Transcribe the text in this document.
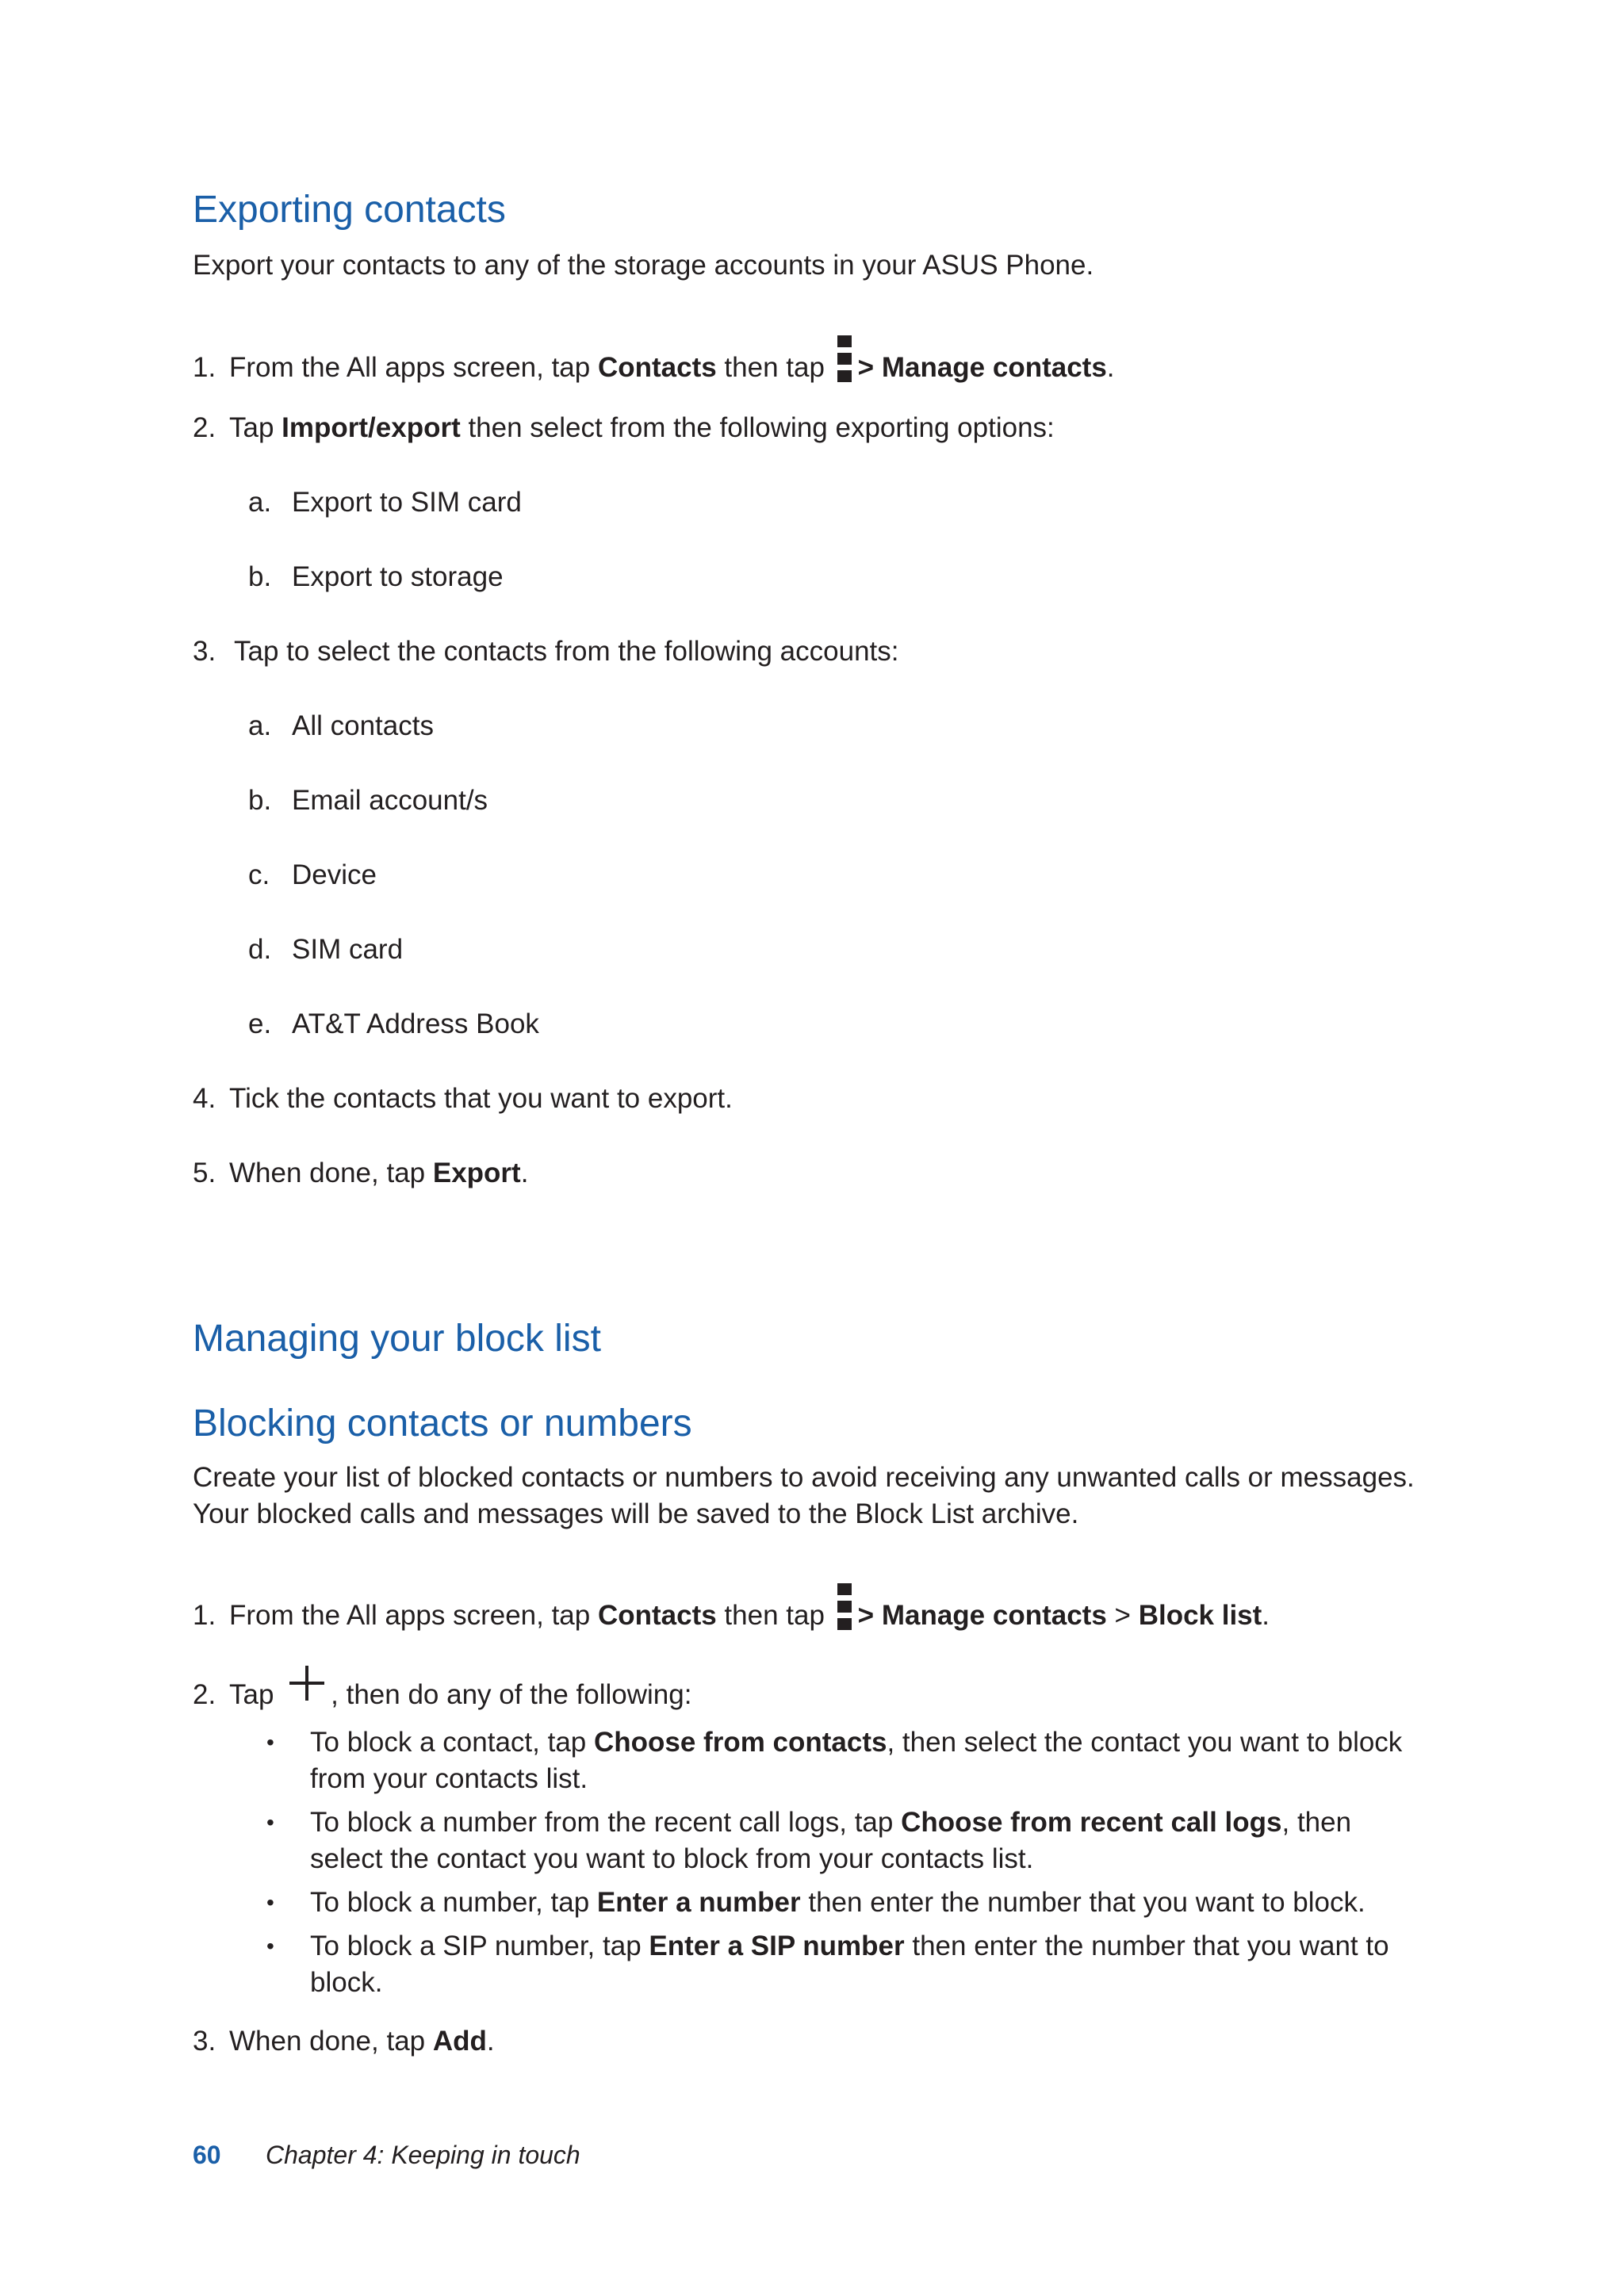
Exporting contacts

Export your contacts to any of the storage accounts in your ASUS Phone.

1. From the All apps screen, tap Contacts then tap
> Manage contacts.
2. Tap Import/export then select from the following exporting options:
a. Export to SIM card
b. Export to storage
3. Tap to select the contacts from the following accounts:
a. All contacts
b. Email account/s
c. Device
d. SIM card
e. AT&T Address Book
4. Tick the contacts that you want to export.
5. When done, tap Export.
Managing your block list
Blocking contacts or numbers

Create your list of blocked contacts or numbers to avoid receiving any unwanted calls or messages. Your blocked calls and messages will be saved to the Block List archive.

1. From the All apps screen, tap Contacts then tap
> Manage contacts > Block list.
2. Tap , then do any of the following:
• To block a contact, tap Choose from contacts, then select the contact you want to block from your contacts list.
• To block a number from the recent call logs, tap Choose from recent call logs, then select the contact you want to block from your contacts list.
• To block a number, tap Enter a number then enter the number that you want to block.
• To block a SIP number, tap Enter a SIP number then enter the number that you want to block.
3. When done, tap Add.
60 Chapter 4: Keeping in touch
